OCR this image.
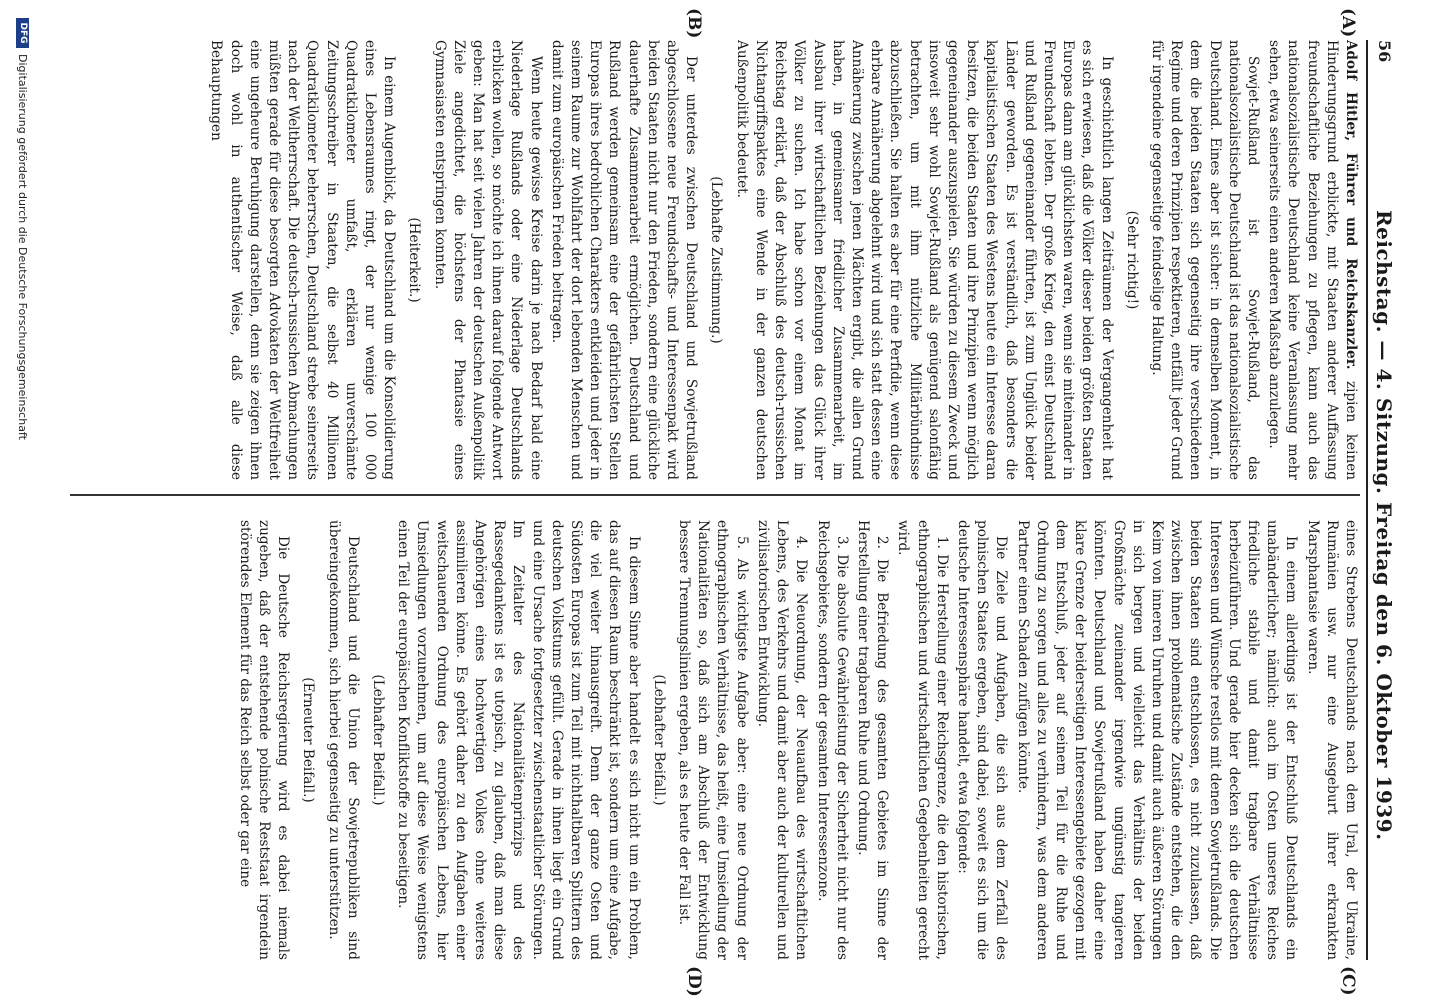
56
Reichstag. — 4. Sitzung. Freitag den 6. Oktober 1939.
(A)
(B)
(C)
(D)

Adolf Hitler, Führer und Reichskanzler. zipien keinen Hinderungsgrund erblickte, mit Staaten anderer Auffassung freundschaftliche Beziehungen zu pflegen, kann auch das nationalsozialistische Deutschland keine Veranlassung mehr sehen, etwa seinerseits einen anderen Maßstab anzulegen.

Sowjet-Rußland ist Sowjet-Rußland, das nationalsozialistische Deutschland ist das nationalsozialistische Deutschland. Eines aber ist sicher: in demselben Moment, in dem die beiden Staaten sich gegenseitig ihre verschiedenen Regime und deren Prinzipien respektieren, entfällt jeder Grund für irgendeine gegenseitige feindselige Haltung.

(Sehr richtig!)

In geschichtlich langen Zeiträumen der Vergangenheit hat es sich erwiesen, daß die Völker dieser beiden größten Staaten Europas dann am glücklichsten waren, wenn sie miteinander in Freundschaft lebten. Der große Krieg, den einst Deutschland und Rußland gegeneinander führten, ist zum Unglück beider Länder geworden. Es ist verständlich, daß besonders die kapitalistischen Staaten des Westens heute ein Interesse daran besitzen, die beiden Staaten und ihre Prinzipien wenn möglich gegeneinander auszuspielen. Sie würden zu diesem Zweck und insoweit sehr wohl Sowjet-Rußland als genügend salonfähig betrachten, um mit ihm nützliche Militärbündnisse abzuschließen. Sie halten es aber für eine Perfidie, wenn diese ehrbare Annäherung abgelehnt wird und sich statt dessen eine Annäherung zwischen jenen Mächten ergibt, die allen Grund haben, in gemeinsamer friedlicher Zusammenarbeit, im Ausbau ihrer wirtschaftlichen Beziehungen das Glück ihrer Völker zu suchen. Ich habe schon vor einem Monat im Reichstag erklärt, daß der Abschluß des deutsch-russischen Nichtangriffspaktes eine Wende in der ganzen deutschen Außenpolitik bedeutet.

(Lebhafte Zustimmung.)

Der unterdes zwischen Deutschland und Sowjetrußland abgeschlossene neue Freundschafts- und Interessenpakt wird beiden Staaten nicht nur den Frieden, sondern eine glückliche dauerhafte Zusammenarbeit ermöglichen. Deutschland und Rußland werden gemeinsam eine der gefährlichsten Stellen Europas ihres bedrohlichen Charakters entkleiden und jeder in seinem Raume zur Wohlfahrt der dort lebenden Menschen und damit zum europäischen Frieden beitragen.

Wenn heute gewisse Kreise darin je nach Bedarf bald eine Niederlage Rußlands oder eine Niederlage Deutschlands erblicken wollen, so möchte ich ihnen darauf folgende Antwort geben: Man hat seit vielen Jahren der deutschen Außenpolitik Ziele angedichtet, die höchstens der Phantasie eines Gymnasiasten entspringen konnten.

(Heiterkeit.)

In einem Augenblick, da Deutschland um die Konsolidierung eines Lebensraumes ringt, der nur wenige 100 000 Quadratkilometer umfaßt, erklären unverschämte Zeitungsschreiber in Staaten, die selbst 40 Millionen Quadratkilometer beherrschen, Deutschland strebe seinerseits nach der Weltherrschaft. Die deutsch-russischen Abmachungen müßten gerade für diese besorgten Advokaten der Weltfreiheit eine ungeheure Beruhigung darstellen, denn sie zeigen ihnen doch wohl in authentischer Weise, daß alle diese Behauptungen

eines Strebens Deutschlands nach dem Ural, der Ukraine, Rumänien usw. nur eine Ausgeburt ihrer erkrankten Marsphantasie waren.

In einem allerdings ist der Entschluß Deutschlands ein unabänderlicher; nämlich: auch im Osten unseres Reiches friedliche stabile und damit tragbare Verhältnisse herbeizuführen. Und gerade hier decken sich die deutschen Interessen und Wünsche restlos mit denen Sowjetrußlands. Die beiden Staaten sind entschlossen, es nicht zuzulassen, daß zwischen ihnen problematische Zustände entstehen, die den Keim von inneren Unruhen und damit auch äußeren Störungen in sich bergen und vielleicht das Verhältnis der beiden Großmächte zueinander irgendwie ungünstig tangieren könnten. Deutschland und Sowjetrußland haben daher eine klare Grenze der beiderseitigen Interessengebiete gezogen mit dem Entschluß, jeder auf seinem Teil für die Ruhe und Ordnung zu sorgen und alles zu verhindern, was dem anderen Partner einen Schaden zufügen könnte.

Die Ziele und Aufgaben, die sich aus dem Zerfall des polnischen Staates ergeben, sind dabei, soweit es sich um die deutsche Interessensphäre handelt, etwa folgende:

1. Die Herstellung einer Reichsgrenze, die den historischen, ethnographischen und wirtschaftlichen Gegebenheiten gerecht wird.

2. Die Befriedung des gesamten Gebietes im Sinne der Herstellung einer tragbaren Ruhe und Ordnung.

3. Die absolute Gewährleistung der Sicherheit nicht nur des Reichsgebietes, sondern der gesamten Interessenzone.

4. Die Neuordnung, der Neuaufbau des wirtschaftlichen Lebens, des Verkehrs und damit aber auch der kulturellen und zivilisatorischen Entwicklung.

5. Als wichtigste Aufgabe aber: eine neue Ordnung der ethnographischen Verhältnisse, das heißt, eine Umsiedlung der Nationalitäten so, daß sich am Abschluß der Entwicklung bessere Trennungslinien ergeben, als es heute der Fall ist.

(Lebhafter Beifall.)

In diesem Sinne aber handelt es sich nicht um ein Problem, das auf diesen Raum beschränkt ist, sondern um eine Aufgabe, die viel weiter hinausgreift. Denn der ganze Osten und Südosten Europas ist zum Teil mit nichthaltbaren Splittern des deutschen Volkstums gefüllt. Gerade in ihnen liegt ein Grund und eine Ursache fortgesetzter zwischenstaatlicher Störungen. Im Zeitalter des Nationalitätenprinzips und des Rassegedankens ist es utopisch, zu glauben, daß man diese Angehörigen eines hochwertigen Volkes ohne weiteres assimilieren könne. Es gehört daher zu den Aufgaben einer weitschauenden Ordnung des europäischen Lebens, hier Umsiedlungen vorzunehmen, um auf diese Weise wenigstens einen Teil der europäischen Konfliktstoffe zu beseitigen.

(Lebhafter Beifall.)

Deutschland und die Union der Sowjetrepubliken sind übereingekommen, sich hierbei gegenseitig zu unterstützen.

(Erneuter Beifall.)

Die Deutsche Reichsregierung wird es dabei niemals zugeben, daß der entstehende polnische Reststaat irgendein störendes Element für das Reich selbst oder gar eine

DFG
Digitalisierung gefördert durch die Deutsche Forschungsgemeinschaft
